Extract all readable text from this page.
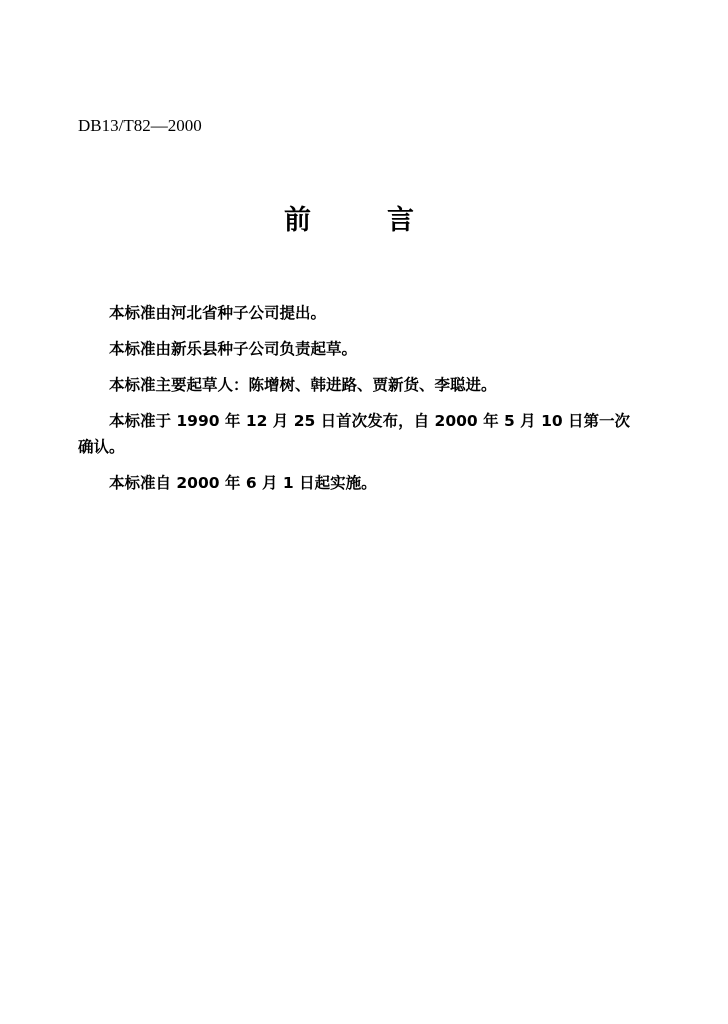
DB13/T82—2000
前	言

本标准由河北省种子公司提出。

本标准由新乐县种子公司负责起草。

本标准主要起草人：陈增树、韩进路、贾新货、李聪进。

本标准于 1990 年 12 月 25 日首次发布，自 2000 年 5 月 10 日第一次确认。

本标准自 2000 年 6 月 1 日起实施。
